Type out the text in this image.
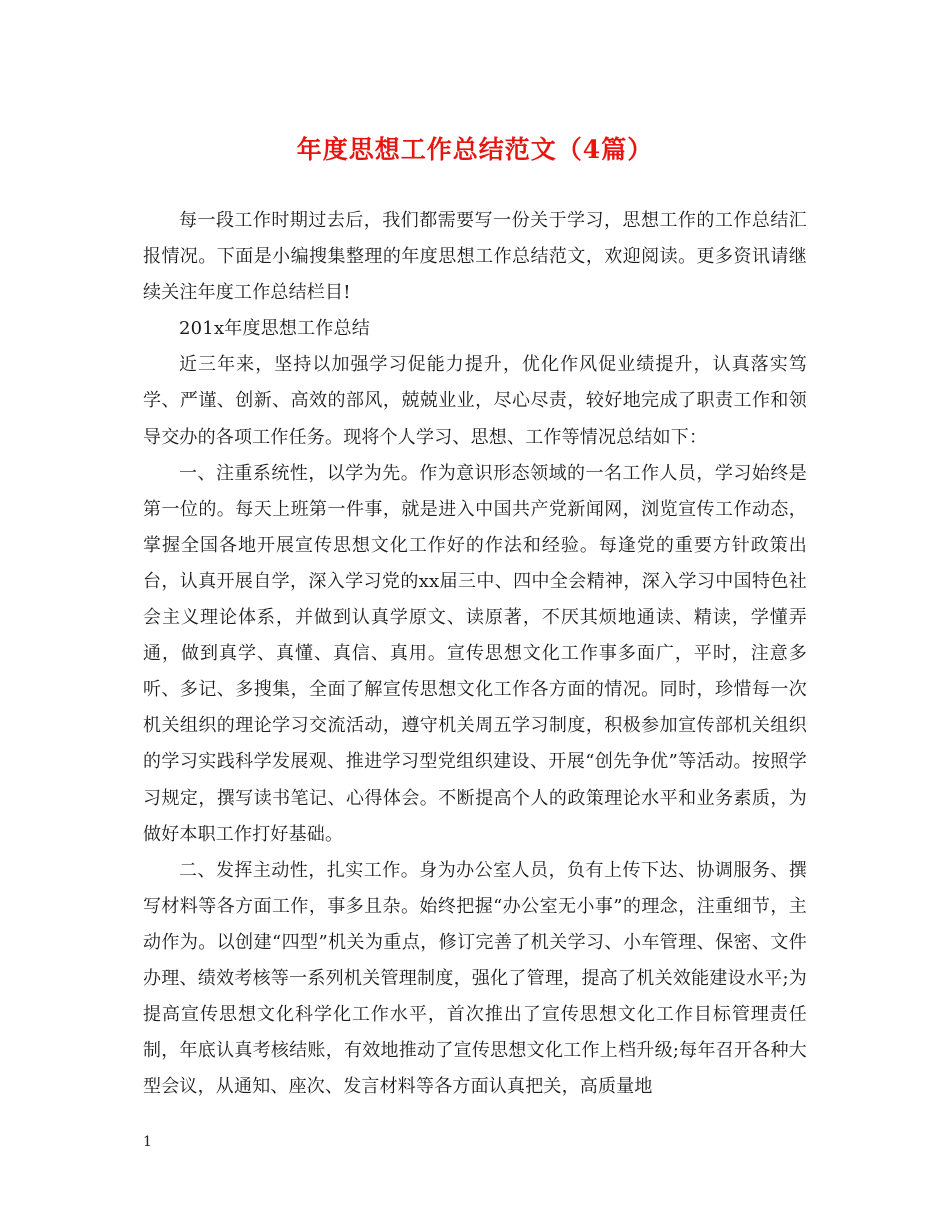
年度思想工作总结范文（4篇）

每一段工作时期过去后，我们都需要写一份关于学习，思想工作的工作总结汇报情况。下面是小编搜集整理的年度思想工作总结范文，欢迎阅读。更多资讯请继续关注年度工作总结栏目!

201x年度思想工作总结

近三年来，坚持以加强学习促能力提升，优化作风促业绩提升，认真落实笃学、严谨、创新、高效的部风，兢兢业业，尽心尽责，较好地完成了职责工作和领导交办的各项工作任务。现将个人学习、思想、工作等情况总结如下：

一、注重系统性，以学为先。作为意识形态领域的一名工作人员，学习始终是第一位的。每天上班第一件事，就是进入中国共产党新闻网，浏览宣传工作动态，掌握全国各地开展宣传思想文化工作好的作法和经验。每逢党的重要方针政策出台，认真开展自学，深入学习党的xx届三中、四中全会精神，深入学习中国特色社会主义理论体系，并做到认真学原文、读原著，不厌其烦地通读、精读，学懂弄通，做到真学、真懂、真信、真用。宣传思想文化工作事多面广，平时，注意多听、多记、多搜集，全面了解宣传思想文化工作各方面的情况。同时，珍惜每一次机关组织的理论学习交流活动，遵守机关周五学习制度，积极参加宣传部机关组织的学习实践科学发展观、推进学习型党组织建设、开展“创先争优”等活动。按照学习规定，撰写读书笔记、心得体会。不断提高个人的政策理论水平和业务素质，为做好本职工作打好基础。

二、发挥主动性，扎实工作。身为办公室人员，负有上传下达、协调服务、撰写材料等各方面工作，事多且杂。始终把握“办公室无小事”的理念，注重细节，主动作为。以创建“四型”机关为重点，修订完善了机关学习、小车管理、保密、文件办理、绩效考核等一系列机关管理制度，强化了管理，提高了机关效能建设水平;为提高宣传思想文化科学化工作水平，首次推出了宣传思想文化工作目标管理责任制，年底认真考核结账，有效地推动了宣传思想文化工作上档升级;每年召开各种大型会议，从通知、座次、发言材料等各方面认真把关，高质量地

1
